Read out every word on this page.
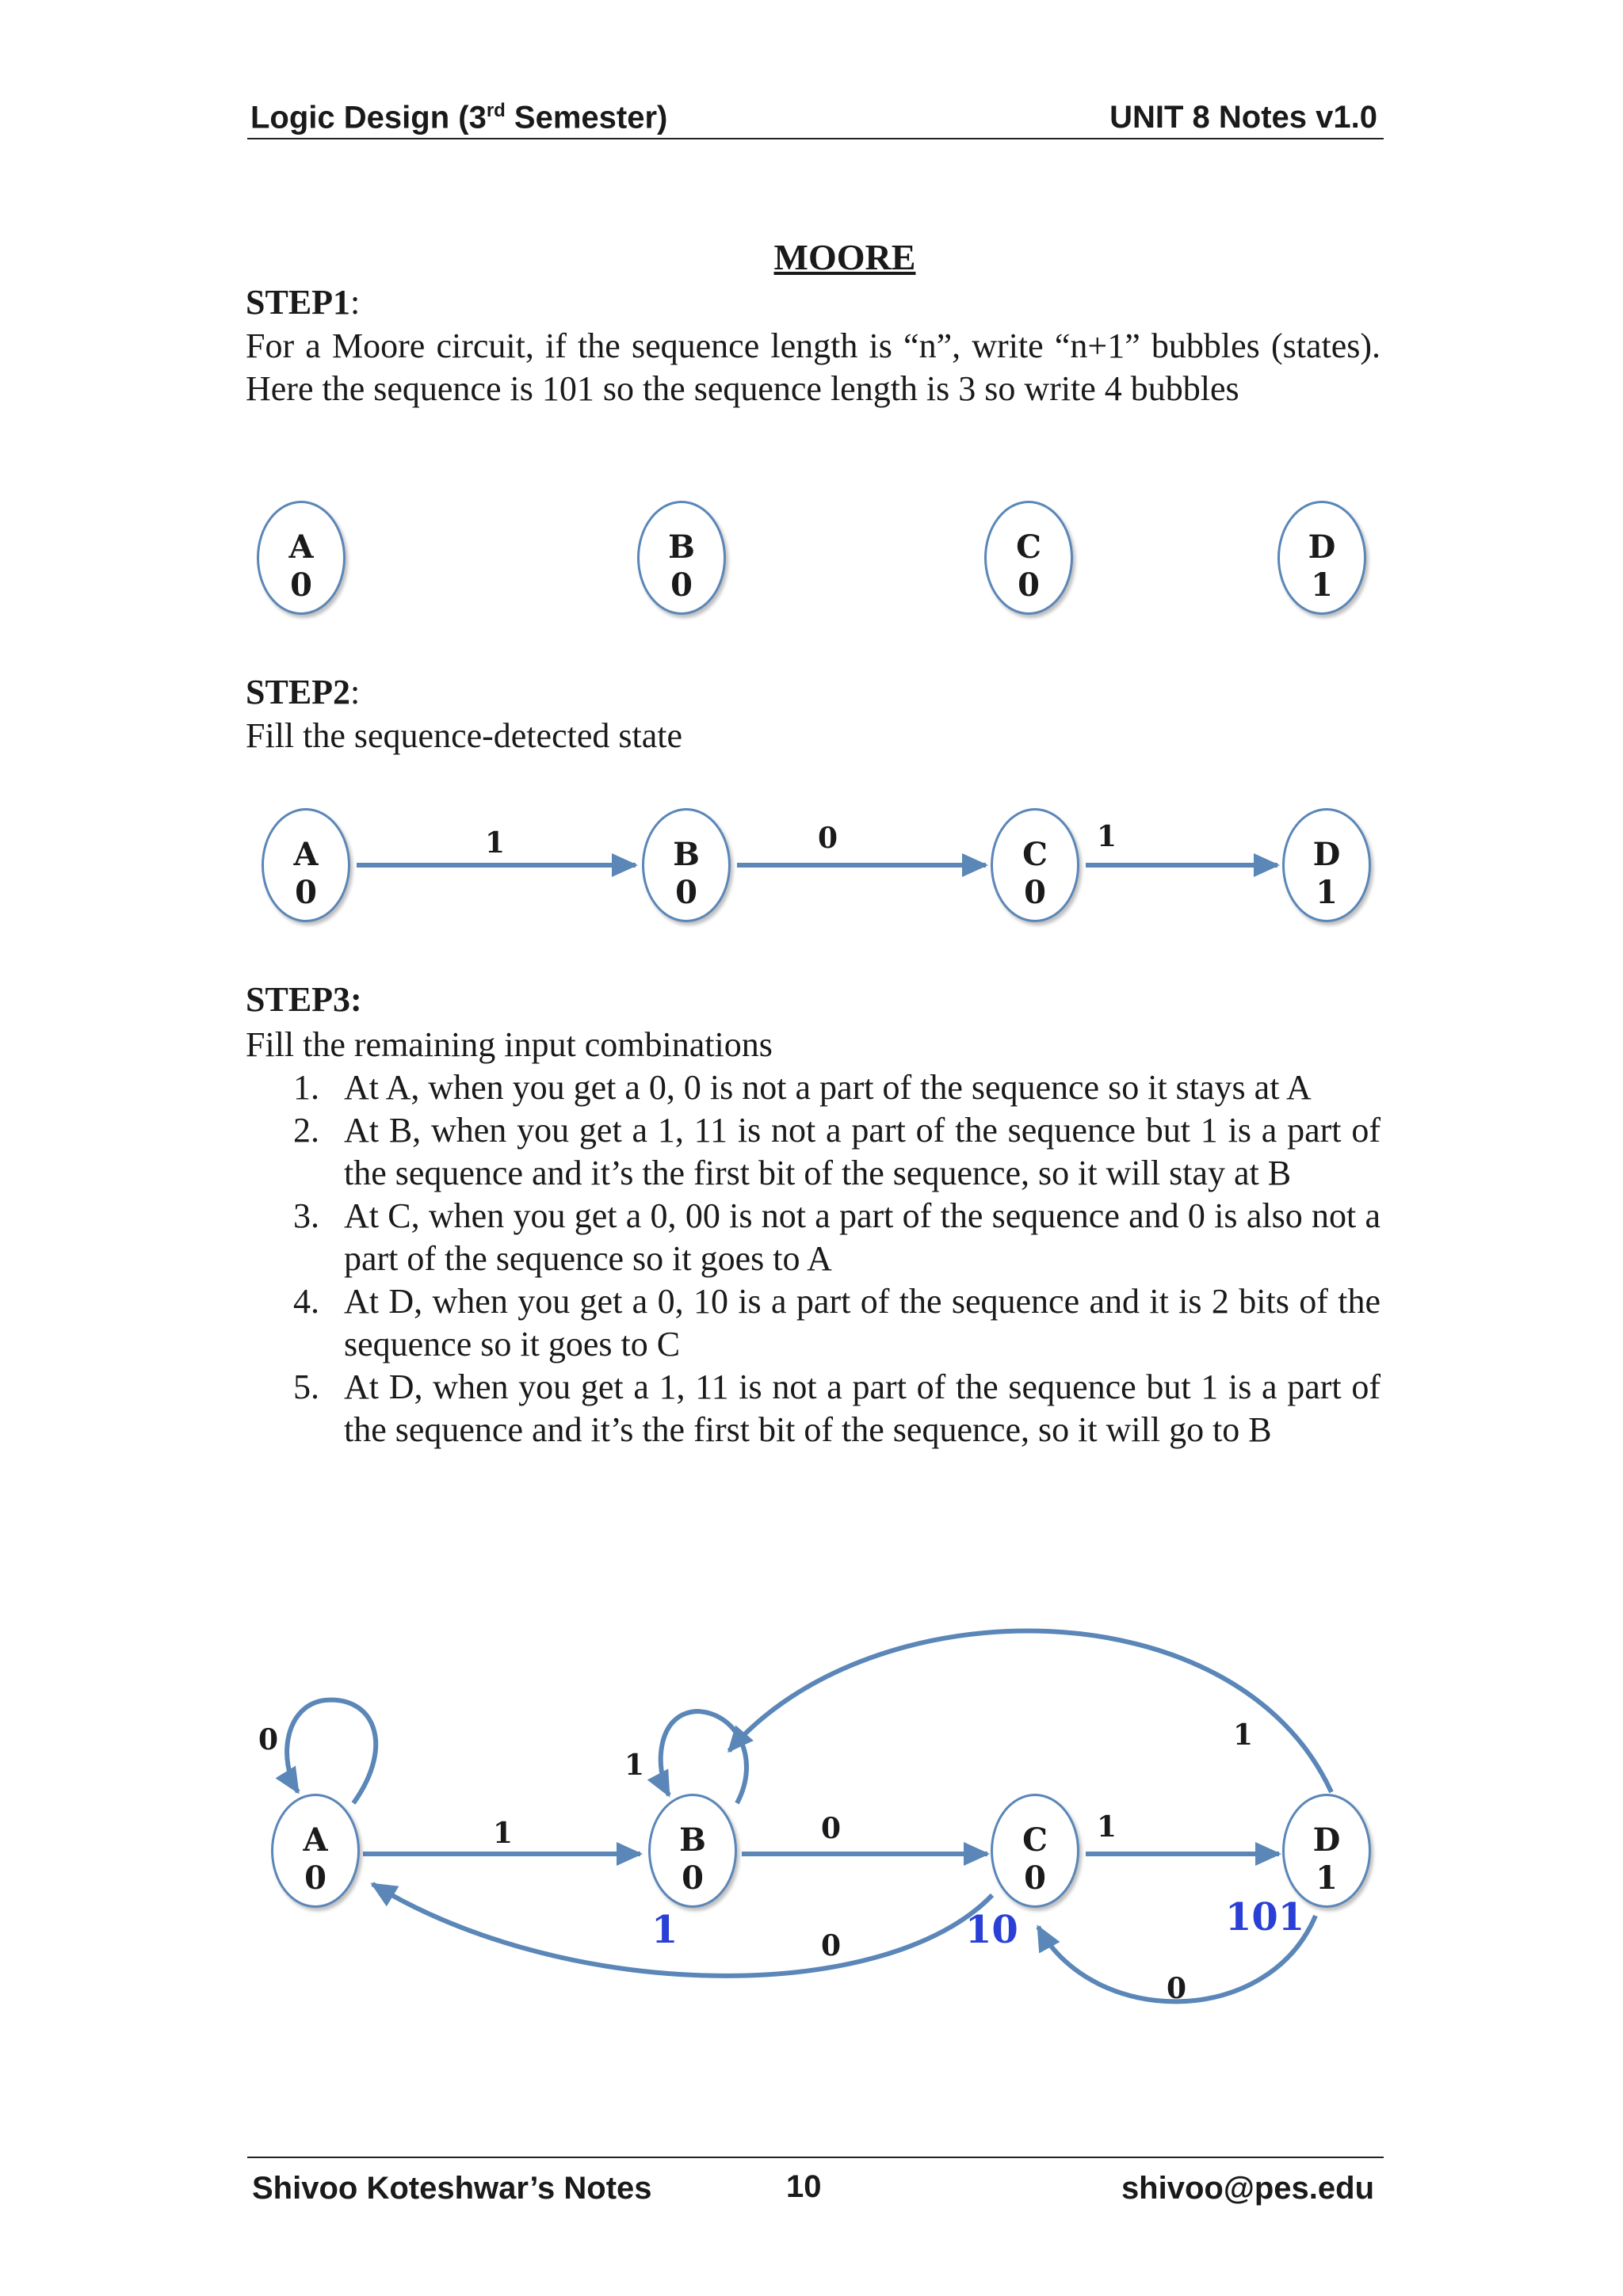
Logic Design (3rd Semester)	UNIT 8 Notes v1.0
MOORE
STEP1:
For a Moore circuit, if the sequence length is “n”, write “n+1” bubbles (states). Here the sequence is 101 so the sequence length is 3 so write 4 bubbles
A
0
B
0
C
0
D
1
STEP2:
Fill the sequence-detected state
A
0
B
0
C
0
D
1
STEP3:
Fill the remaining input combinations
1. At A, when you get a 0, 0 is not a part of the sequence so it stays at A
2. At B, when you get a 1, 11 is not a part of the sequence but 1 is a part of the sequence and it’s the first bit of the sequence, so it will stay at B
3. At C, when you get a 0, 00 is not a part of the sequence and 0 is also not a part of the sequence so it goes to A
4. At D, when you get a 0, 10 is a part of the sequence and it is 2 bits of the sequence so it goes to C
5. At D, when you get a 1, 11 is not a part of the sequence but 1 is a part of the sequence and it’s the first bit of the sequence, so it will go to B
1	0	1
0
1
1
0	1
0
0
1
1	10	101
A
0
B
0
C
0
D
1
Shivoo Koteshwar’s Notes	10	shivoo@pes.edu
